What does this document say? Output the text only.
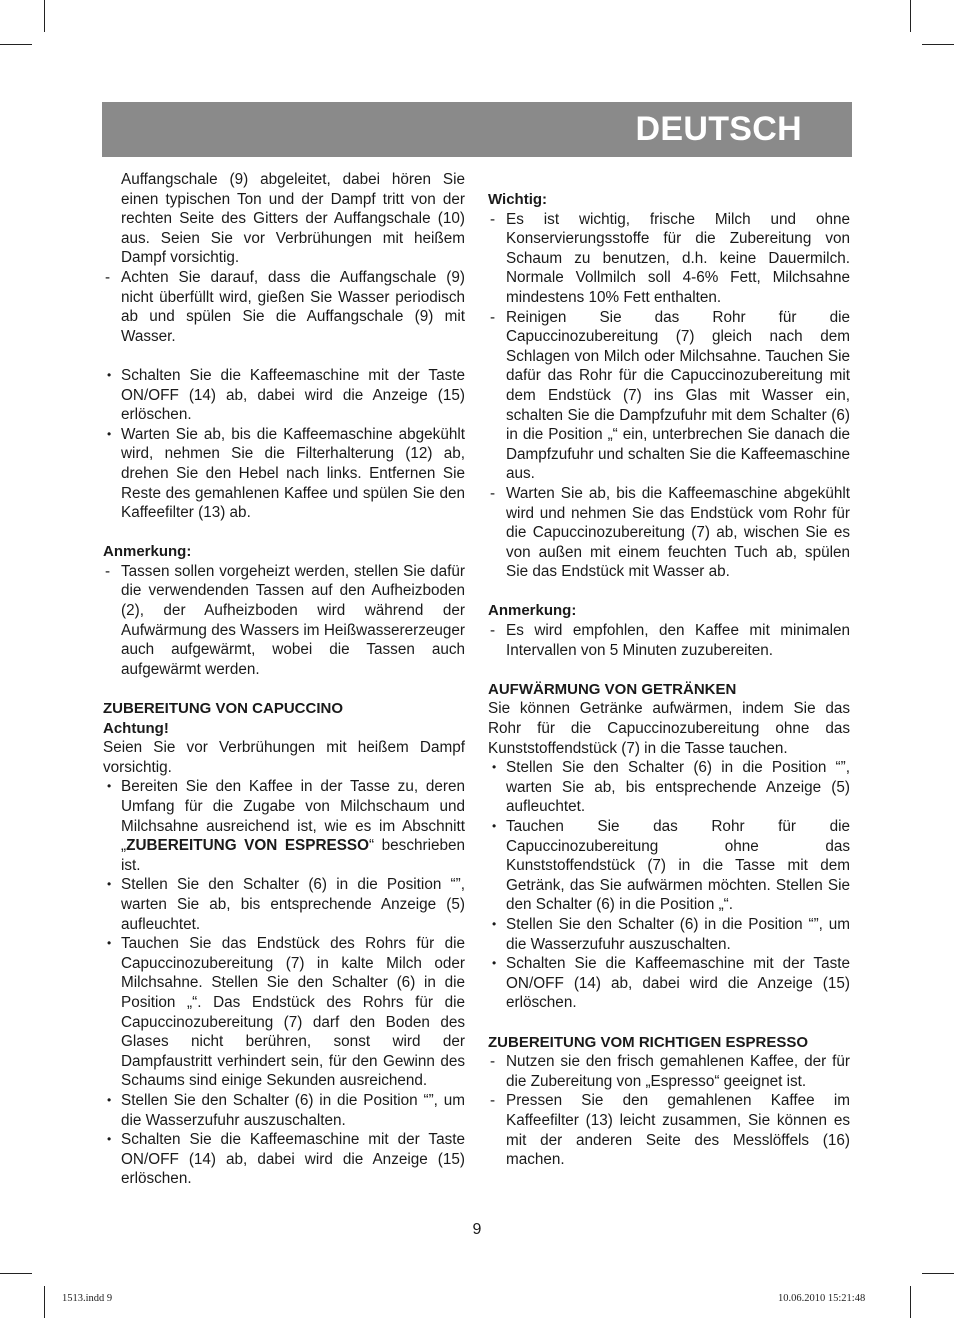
DEUTSCH

Auffangschale (9) abgeleitet, dabei hören Sie einen typischen Ton und der Dampf tritt von der rechten Seite des Gitters der Auffangschale (10) aus. Seien Sie vor Verbrühungen mit heißem Dampf vorsichtig.

- Achten Sie darauf, dass die Auffangschale (9) nicht überfüllt wird, gießen Sie Wasser periodisch ab und spülen Sie die Auffangschale (9) mit Wasser.
• Schalten Sie die Kaffeemaschine mit der Taste ON/OFF (14) ab, dabei wird die Anzeige (15) erlöschen.
• Warten Sie ab, bis die Kaffeemaschine abgekühlt wird, nehmen Sie die Filterhalterung (12) ab, drehen Sie den Hebel nach links. Entfernen Sie Reste des gemahlenen Kaffee und spülen Sie den Kaffeefilter (13) ab.

Anmerkung:

- Tassen sollen vorgeheizt werden, stellen Sie dafür die verwendenden Tassen auf den Aufheizboden (2), der Aufheizboden wird während der Aufwärmung des Wassers im Heißwassererzeuger auch aufgewärmt, wobei die Tassen auch aufgewärmt werden.

ZUBEREITUNG VON CAPUCCINO

Achtung!

Seien Sie vor Verbrühungen mit heißem Dampf vorsichtig.

• Bereiten Sie den Kaffee in der Tasse zu, deren Umfang für die Zugabe von Milchschaum und Milchsahne ausreichend ist, wie es im Abschnitt „ZUBEREITUNG VON ESPRESSO“ beschrieben ist.
• Stellen Sie den Schalter (6) in die Position “”, warten Sie ab, bis entsprechende Anzeige (5) aufleuchtet.
• Tauchen Sie das Endstück des Rohrs für die Capuccinozubereitung (7) in kalte Milch oder Milchsahne. Stellen Sie den Schalter (6) in die Position „“. Das Endstück des Rohrs für die Capuccinozubereitung (7) darf den Boden des Glases nicht berühren, sonst wird der Dampfaustritt verhindert sein, für den Gewinn des Schaums sind einige Sekunden ausreichend.
• Stellen Sie den Schalter (6) in die Position “”, um die Wasserzufuhr auszuschalten.
• Schalten Sie die Kaffeemaschine mit der Taste ON/OFF (14) ab, dabei wird die Anzeige (15) erlöschen.

Wichtig:

- Es ist wichtig, frische Milch und ohne Konservierungsstoffe für die Zubereitung von Schaum zu benutzen, d.h. keine Dauermilch. Normale Vollmilch soll 4-6% Fett, Milchsahne mindestens 10% Fett enthalten.
- Reinigen Sie das Rohr für die Capuccinozubereitung (7) gleich nach dem Schlagen von Milch oder Milchsahne. Tauchen Sie dafür das Rohr für die Capuccinozubereitung mit dem Endstück (7) ins Glas mit Wasser ein, schalten Sie die Dampfzufuhr mit dem Schalter (6) in die Position „“ ein, unterbrechen Sie danach die Dampfzufuhr und schalten Sie die Kaffeemaschine aus.
- Warten Sie ab, bis die Kaffeemaschine abgekühlt wird und nehmen Sie das Endstück vom Rohr für die Capuccinozubereitung (7) ab, wischen Sie es von außen mit einem feuchten Tuch ab, spülen Sie das Endstück mit Wasser ab.

Anmerkung:

- Es wird empfohlen, den Kaffee mit minimalen Intervallen von 5 Minuten zuzubereiten.

AUFWÄRMUNG VON GETRÄNKEN

Sie können Getränke aufwärmen, indem Sie das Rohr für die Capuccinozubereitung ohne das Kunststoffendstück (7) in die Tasse tauchen.

• Stellen Sie den Schalter (6) in die Position “”, warten Sie ab, bis entsprechende Anzeige (5) aufleuchtet.
• Tauchen Sie das Rohr für die Capuccinozubereitung ohne das Kunststoffendstück (7) in die Tasse mit dem Getränk, das Sie aufwärmen möchten. Stellen Sie den Schalter (6) in die Position „“.
• Stellen Sie den Schalter (6) in die Position “”, um die Wasserzufuhr auszuschalten.
• Schalten Sie die Kaffeemaschine mit der Taste ON/OFF (14) ab, dabei wird die Anzeige (15) erlöschen.

ZUBEREITUNG VOM RICHTIGEN ESPRESSO

- Nutzen sie den frisch gemahlenen Kaffee, der für die Zubereitung von „Espresso“ geeignet ist.
- Pressen Sie den gemahlenen Kaffee im Kaffeefilter (13) leicht zusammen, Sie können es mit der anderen Seite des Messlöffels (16) machen.
9
1513.indd 9	10.06.2010 15:21:48
